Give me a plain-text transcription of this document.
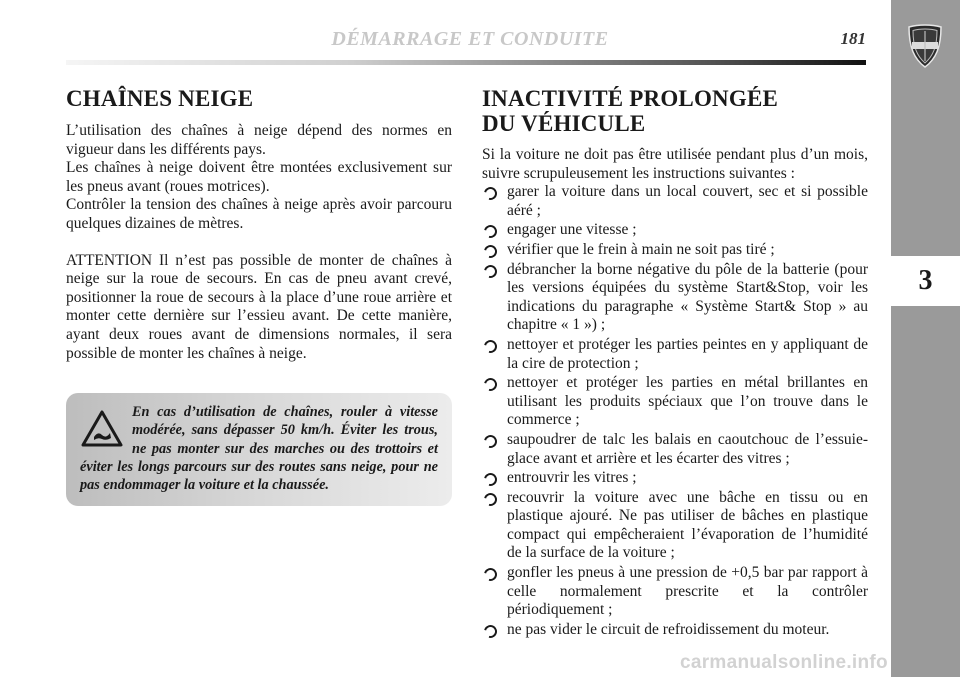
DÉMARRAGE ET CONDUITE	181
3
CHAÎNES NEIGE

L’utilisation des chaînes à neige dépend des normes en vigueur dans les différents pays.

Les chaînes à neige doivent être montées exclusivement sur les pneus avant (roues motrices).

Contrôler la tension des chaînes à neige après avoir parcouru quelques dizaines de mètres.

ATTENTION Il n’est pas possible de monter de chaînes à neige sur la roue de secours. En cas de pneu avant crevé, positionner la roue de secours à la place d’une roue arrière et monter cette dernière sur l’essieu avant. De cette manière, ayant deux roues avant de dimensions normales, il sera possible de monter les chaînes à neige.

En cas d’utilisation de chaînes, rouler à vitesse modérée, sans dépasser 50 km/h. Éviter les trous, ne pas monter sur des marches ou des trottoirs et éviter les longs parcours sur des routes sans neige, pour ne pas endommager la voiture et la chaussée.
INACTIVITÉ PROLONGÉE
DU VÉHICULE

Si la voiture ne doit pas être utilisée pendant plus d’un mois, suivre scrupuleusement les instructions suivantes :

garer la voiture dans un local couvert, sec et si possible aéré ;
engager une vitesse ;
vérifier que le frein à main ne soit pas tiré ;
débrancher la borne négative du pôle de la batterie (pour les versions équipées du système Start&Stop, voir les indications du paragraphe « Système Start& Stop » au chapitre « 1 ») ;
nettoyer et protéger les parties peintes en y appliquant de la cire de protection ;
nettoyer et protéger les parties en métal brillantes en utilisant les produits spéciaux que l’on trouve dans le commerce ;
saupoudrer de talc les balais en caoutchouc de l’essuie-glace avant et arrière et les écarter des vitres ;
entrouvrir les vitres ;
recouvrir la voiture avec une bâche en tissu ou en plastique ajouré. Ne pas utiliser de bâches en plastique compact qui empêcheraient l’évaporation de l’humidité de la surface de la voiture ;
gonfler les pneus à une pression de +0,5 bar par rapport à celle normalement prescrite et la contrôler périodiquement ;
ne pas vider le circuit de refroidissement du moteur.
carmanualsonline.info
